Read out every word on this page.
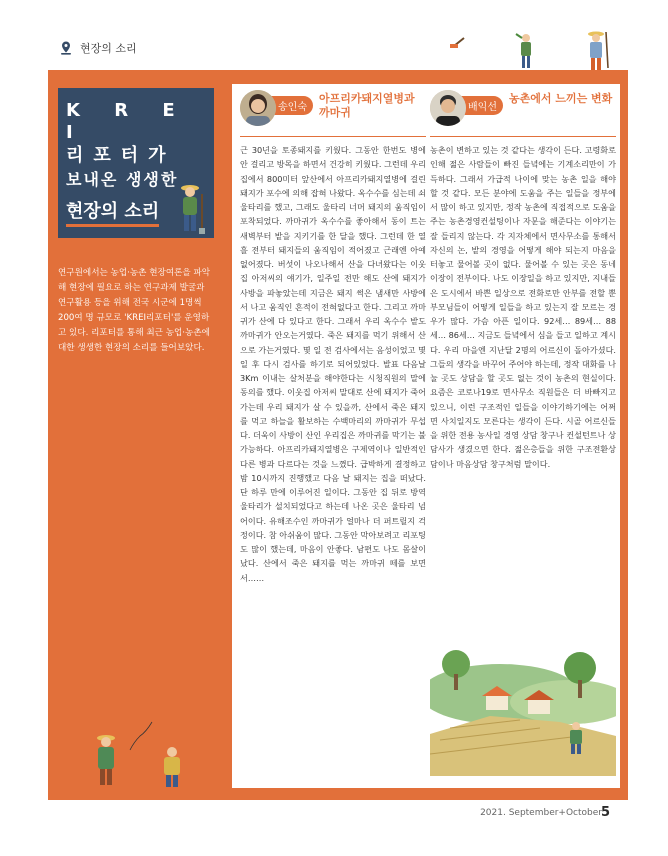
현장의 소리
K R E I
리포터가
보내온 생생한
현장의 소리

연구원에서는 농업·농촌 현장여론을 파악해 현장에 필요로 하는 연구과제 발굴과 연구활용 등을 위해 전국 시군에 1명씩 200여 명 규모로 'KREI리포터'를 운영하고 있다. 리포터를 통해 최근 농업·농촌에 대한 생생한 현장의 소리를 들어보았다.

송인숙
아프리카돼지열병과 까마귀

근 30년을 토종돼지를 키웠다. 그동안 한번도 병에 안 걸리고 방목을 하면서 건강히 키웠다. 그런데 우리 집에서 800미터 앞산에서 아프리카돼지열병에 걸린 돼지가 포수에 의해 잡혀 나왔다. 옥수수를 심는데 쇠울타리를 했고, 그래도 울타리 너머 돼지의 움직임이 포착되었다. 까마귀가 옥수수를 좋아해서 동이 트는 새벽부터 밭을 지키기를 한 달을 했다. 그런데 한 열흘 전부터 돼지들의 움직임이 적어졌고 근래엔 아예 없어졌다. 버섯이 나오나해서 산을 다녀왔다는 이웃집 아저씨의 얘기가, 일주일 전만 해도 산에 돼지가 사방을 파놓았는데 지금은 돼지 썩은 냄새만 사방에서 나고 움직인 흔적이 전혀없다고 한다. 그리고 까마귀가 산에 다 있다고 한다. 그래서 우리 옥수수 밭도 까마귀가 안오는거였다. 죽은 돼지를 먹기 위해서 산으로 가는거였다. 몇 일 전 검사에서는 음성이었고 몇 일 후 다시 검사를 하기로 되어있었다. 발표 다음날 3Km 이내는 살처분을 해야한다는 시청직원의 말에 동의를 했다. 이웃집 아저씨 말대로 산에 돼지가 죽어가는데 우리 돼지가 살 수 있을까, 산에서 죽은 돼지를 먹고 하늘을 활보하는 수백마리의 까마귀가 무섭다. 더욱이 사방이 산인 우리집은 까마귀를 막기는 불가능하다. 아프리카돼지열병은 구제역이나 일반적인 다른 병과 다르다는 것을 느꼈다. 급박하게 결정하고 밤 10시까지 진행했고 다음 날 돼지는 집을 떠났다. 단 하루 만에 이루어진 일이다. 그동안 집 뒤로 방역울타리가 설치되었다고 하는데 나온 곳은 울타리 넘어이다. 유해조수인 까마귀가 얼마나 더 퍼트릴지 걱정이다. 참 아쉬움이 많다. 그동안 막아보려고 리포팅도 많이 했는데, 마음이 안좋다. 남편도 나도 몸살이 났다. 산에서 죽은 돼지를 먹는 까마귀 떼를 보면서……

배익선
농촌에서 느끼는 변화

농촌이 변하고 있는 것 같다는 생각이 든다. 고령화로 인해 젊은 사람들이 빠진 들녘에는 기계소리만이 가득하다. 그래서 가급적 나이에 맞는 농촌 일을 해야 할 것 같다. 모든 분야에 도움을 주는 일들을 정부에서 많이 하고 있지만, 정작 농촌에 직접적으로 도움을 주는 농촌경영컨설팅이나 자문을 해준다는 이야기는 잘 들리지 않는다. 각 지자체에서 면사무소를 통해서 자신의 논, 밭의 경영을 어떻게 해야 되는지 마음을 터놓고 물어볼 곳이 없다. 물어볼 수 있는 곳은 동네 이장이 전부이다. 나도 이장일을 하고 있지만, 지내들은 도시에서 바쁜 일상으로 전화로만 안부를 전할 뿐 부모님들이 어떻게 일들을 하고 있는지 잘 모르는 경우가 많다. 가슴 아픈 일이다. 92세… 89세… 88세… 86세… 지금도 들녘에서 심을 들고 일하고 계시다. 우리 마을엔 지난달 2명의 어르신이 돌아가셨다. 그들의 생각을 바꾸어 주어야 하는데, 정작 대화를 나눌 곳도 상담을 할 곳도 없는 것이 농촌의 현실이다. 요즘은 코로나19로 면사무소 직원들은 더 바빠지고 있으니, 이런 구조적인 일들을 이야기하기에는 어쩌면 사치일지도 모른다는 생각이 든다. 시골 어르신들을 위한 전용 농사일 경영 상담 창구나 컨설턴트나 상담사가 생겼으면 한다. 젊은층들을 위한 구조전환상담이나 마음상담 창구처럼 말이다.

2021. September+October
5
